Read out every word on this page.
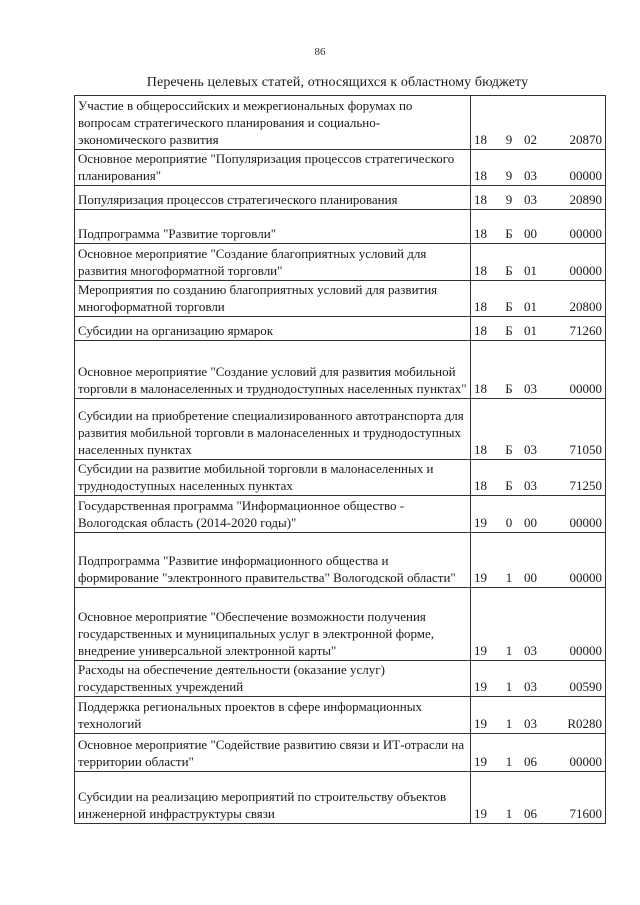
86
Перечень целевых статей, относящихся к областному бюджету
Участие в общероссийских и межрегиональных форумах по вопросам стратегического планирования и социально-экономического развития	18 9 02 20870

Основное мероприятие "Популяризация процессов стратегического планирования"	18 9 03 00000

Популяризация процессов стратегического планирования	18 9 03 20890

Подпрограмма "Развитие торговли"	18 Б 00 00000

Основное мероприятие "Создание благоприятных условий для развития многоформатной торговли"	18 Б 01 00000

Мероприятия по созданию благоприятных условий для развития многоформатной торговли	18 Б 01 20800

Субсидии на организацию ярмарок	18 Б 01 71260

Основное мероприятие "Создание условий для развития мобильной торговли в малонаселенных и труднодоступных населенных пунктах"	18 Б 03 00000

Субсидии на приобретение специализированного автотранспорта для развития мобильной торговли в малонаселенных и труднодоступных населенных пунктах	18 Б 03 71050

Субсидии на развитие мобильной торговли в малонаселенных и труднодоступных населенных пунктах	18 Б 03 71250

Государственная программа "Информационное общество - Вологодская область (2014-2020 годы)"	19 0 00 00000

Подпрограмма "Развитие информационного общества и формирование "электронного правительства" Вологодской области"	19 1 00 00000

Основное мероприятие "Обеспечение возможности получения государственных и муниципальных услуг в электронной форме, внедрение универсальной электронной карты"	19 1 03 00000

Расходы на обеспечение деятельности (оказание услуг) государственных учреждений	19 1 03 00590

Поддержка региональных проектов в сфере информационных технологий	19 1 03 R0280

Основное мероприятие "Содействие развитию связи и ИТ-отрасли на территории области"	19 1 06 00000

Субсидии на реализацию мероприятий по строительству объектов инженерной инфраструктуры связи	19 1 06 71600
